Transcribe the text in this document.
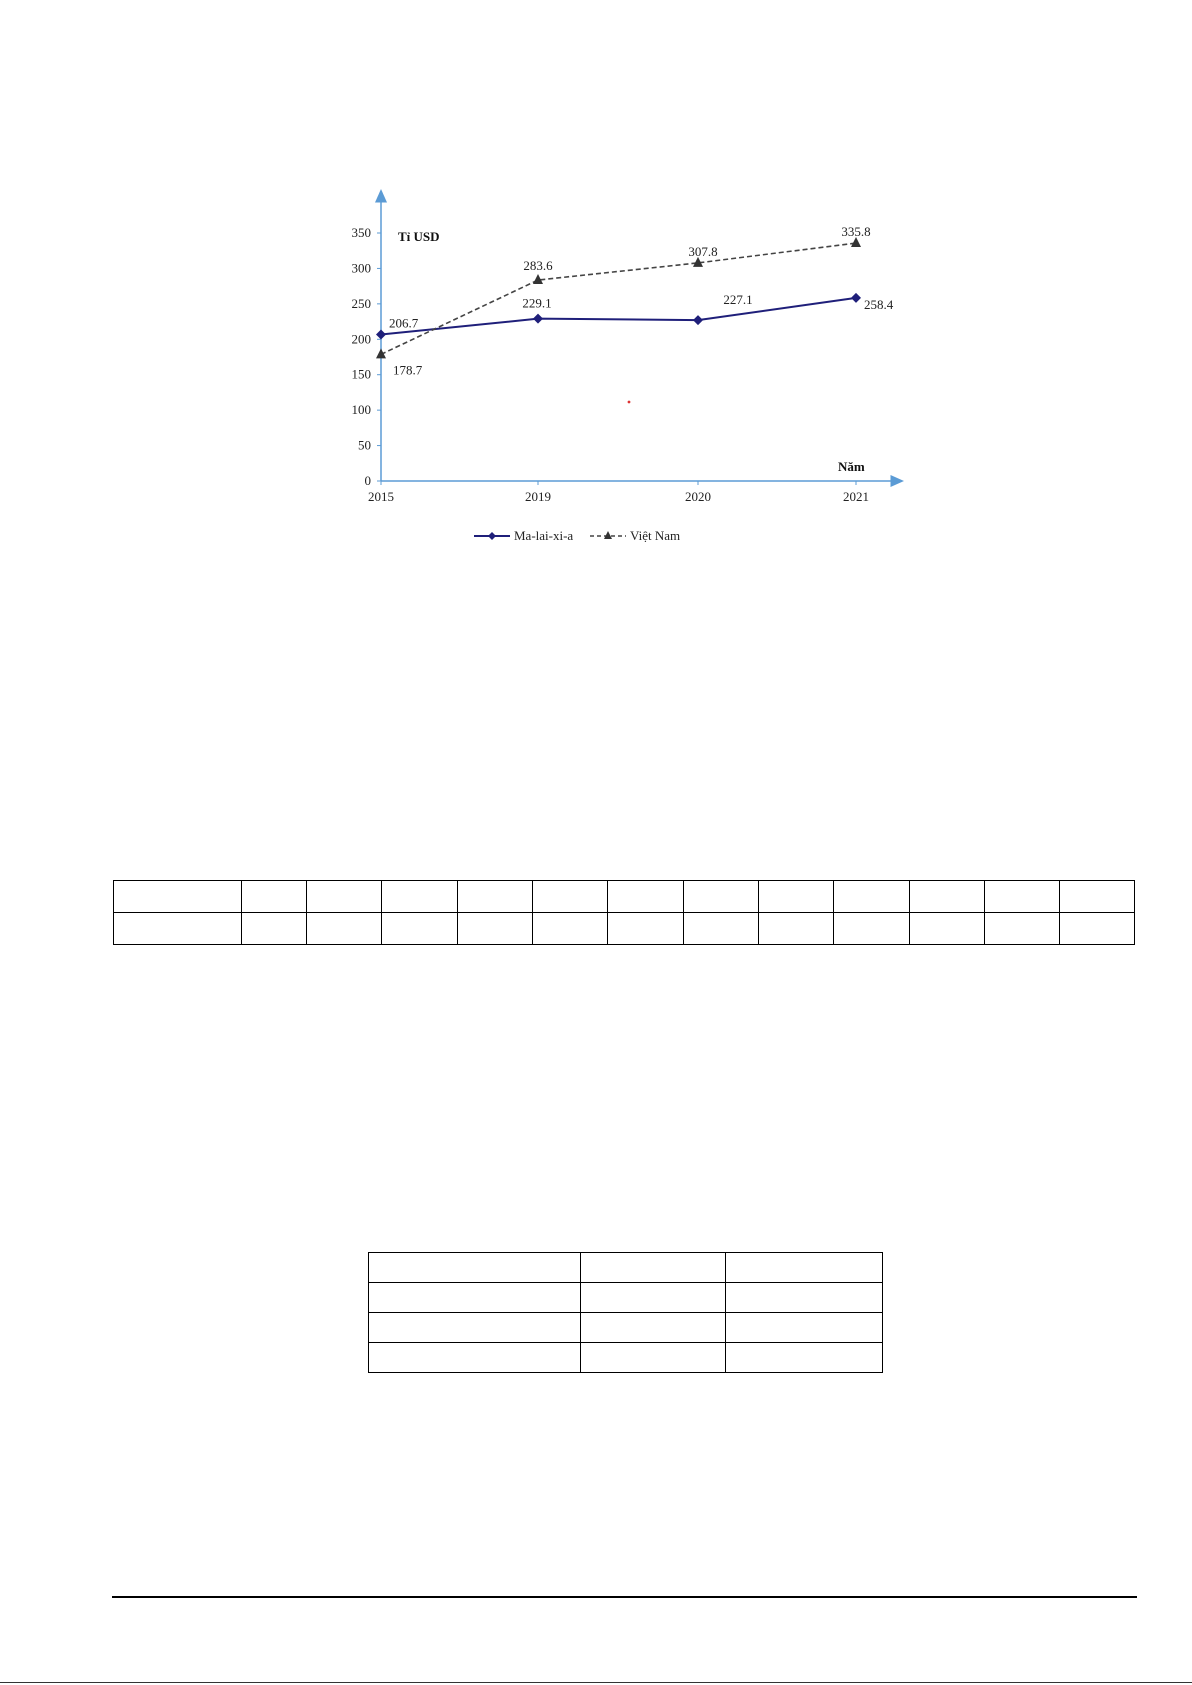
0
50
100
150
200
250
300
350
2015	2019	2020	2021
Tỉ USD
Năm
206.7
229.1	227.1	258.4
178.7
283.6
307.8
335.8
Ma-lai-xi-a	Việt Nam
